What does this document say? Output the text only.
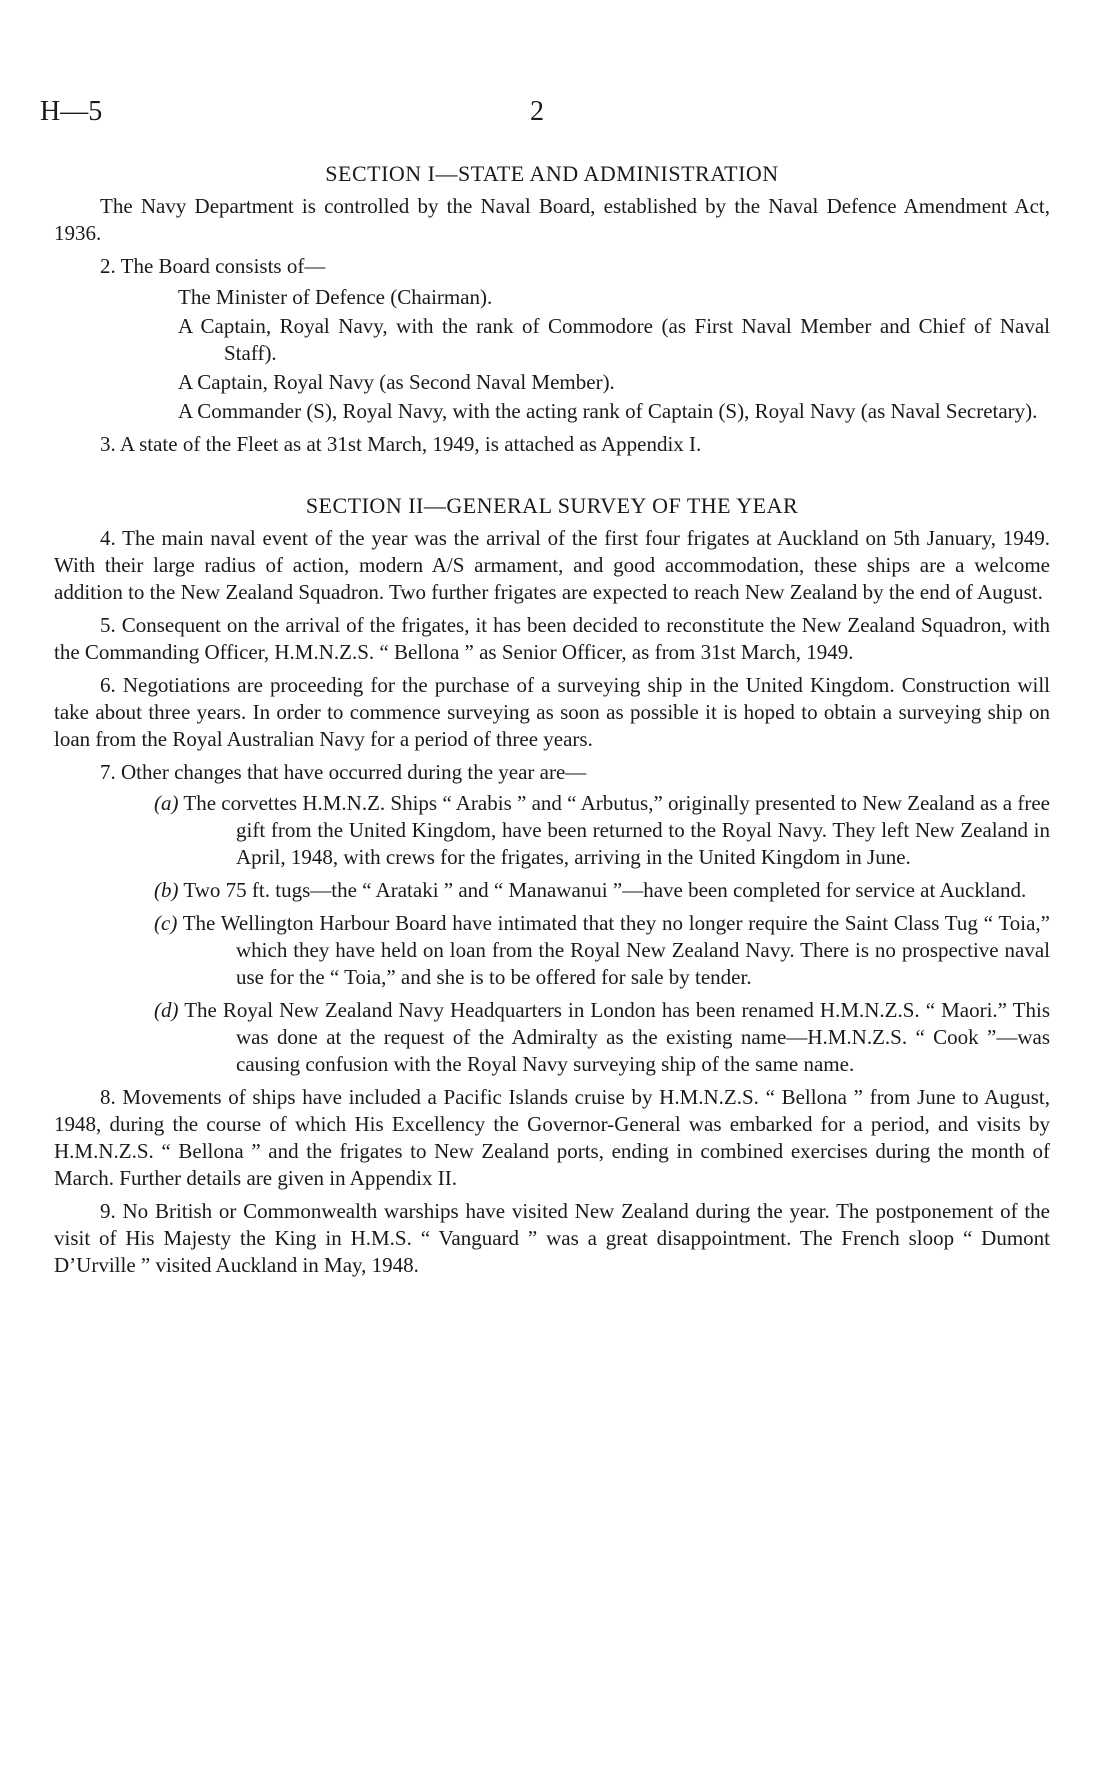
H—5	2
SECTION I—STATE AND ADMINISTRATION

The Navy Department is controlled by the Naval Board, established by the Naval Defence Amendment Act, 1936.

2. The Board consists of—

The Minister of Defence (Chairman).
A Captain, Royal Navy, with the rank of Commodore (as First Naval Member and Chief of Naval Staff).
A Captain, Royal Navy (as Second Naval Member).
A Commander (S), Royal Navy, with the acting rank of Captain (S), Royal Navy (as Naval Secretary).

3. A state of the Fleet as at 31st March, 1949, is attached as Appendix I.

SECTION II—GENERAL SURVEY OF THE YEAR

4. The main naval event of the year was the arrival of the first four frigates at Auckland on 5th January, 1949. With their large radius of action, modern A/S armament, and good accommodation, these ships are a welcome addition to the New Zealand Squadron. Two further frigates are expected to reach New Zealand by the end of August.

5. Consequent on the arrival of the frigates, it has been decided to reconstitute the New Zealand Squadron, with the Commanding Officer, H.M.N.Z.S. “ Bellona ” as Senior Officer, as from 31st March, 1949.

6. Negotiations are proceeding for the purchase of a surveying ship in the United Kingdom. Construction will take about three years. In order to commence surveying as soon as possible it is hoped to obtain a surveying ship on loan from the Royal Australian Navy for a period of three years.

7. Other changes that have occurred during the year are—

(a) The corvettes H.M.N.Z. Ships “ Arabis ” and “ Arbutus,” originally presented to New Zealand as a free gift from the United Kingdom, have been returned to the Royal Navy. They left New Zealand in April, 1948, with crews for the frigates, arriving in the United Kingdom in June.
(b) Two 75 ft. tugs—the “ Arataki ” and “ Manawanui ”—have been completed for service at Auckland.
(c) The Wellington Harbour Board have intimated that they no longer require the Saint Class Tug “ Toia,” which they have held on loan from the Royal New Zealand Navy. There is no prospective naval use for the “ Toia,” and she is to be offered for sale by tender.
(d) The Royal New Zealand Navy Headquarters in London has been renamed H.M.N.Z.S. “ Maori.” This was done at the request of the Admiralty as the existing name—H.M.N.Z.S. “ Cook ”—was causing confusion with the Royal Navy surveying ship of the same name.

8. Movements of ships have included a Pacific Islands cruise by H.M.N.Z.S. “ Bellona ” from June to August, 1948, during the course of which His Excellency the Governor-General was embarked for a period, and visits by H.M.N.Z.S. “ Bellona ” and the frigates to New Zealand ports, ending in combined exercises during the month of March. Further details are given in Appendix II.

9. No British or Commonwealth warships have visited New Zealand during the year. The postponement of the visit of His Majesty the King in H.M.S. “ Vanguard ” was a great disappointment. The French sloop “ Dumont D’Urville ” visited Auckland in May, 1948.
